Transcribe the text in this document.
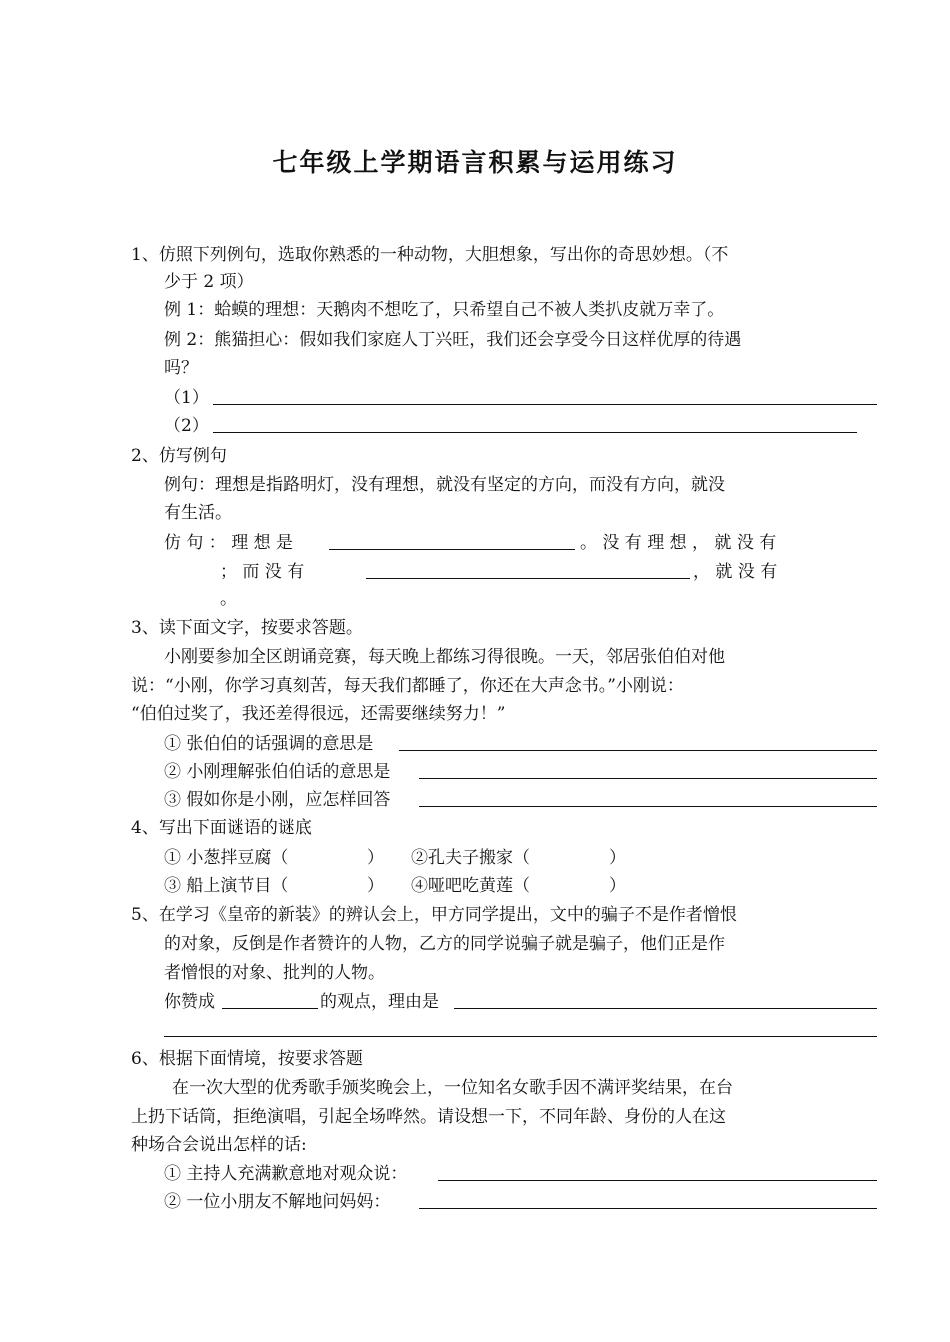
七年级上学期语言积累与运用练习
1、仿照下列例句，选取你熟悉的一种动物，大胆想象，写出你的奇思妙想。（不
少于 2 项）
例 1：蛤蟆的理想：天鹅肉不想吃了，只希望自己不被人类扒皮就万幸了。
例 2：熊猫担心：假如我们家庭人丁兴旺，我们还会享受今日这样优厚的待遇
吗？
（1）
（2）
2、仿写例句
例句：理想是指路明灯，没有理想，就没有坚定的方向，而没有方向，就没
有生活。
仿 句 ： 理 想 是	。 没 有 理 想 ， 就 没 有
； 而 没 有	， 就 没 有
。
3、读下面文字，按要求答题。
小刚要参加全区朗诵竞赛，每天晚上都练习得很晚。一天，邻居张伯伯对他
说：“小刚，你学习真刻苦，每天我们都睡了，你还在大声念书。”小刚说：
“伯伯过奖了，我还差得很远，还需要继续努力！”
① 张伯伯的话强调的意思是
② 小刚理解张伯伯话的意思是
③ 假如你是小刚，应怎样回答
4、写出下面谜语的谜底
① 小葱拌豆腐（	） ②孔夫子搬家（	）
③ 船上演节目（	） ④哑吧吃黄莲（	）
5、在学习《皇帝的新装》的辨认会上，甲方同学提出，文中的骗子不是作者憎恨
的对象，反倒是作者赞许的人物，乙方的同学说骗子就是骗子，他们正是作
者憎恨的对象、批判的人物。
你赞成	的观点，理由是
6、根据下面情境，按要求答题
在一次大型的优秀歌手颁奖晚会上，一位知名女歌手因不满评奖结果，在台
上扔下话筒，拒绝演唱，引起全场哗然。请设想一下，不同年龄、身份的人在这
种场合会说出怎样的话:
① 主持人充满歉意地对观众说：
② 一位小朋友不解地问妈妈：
